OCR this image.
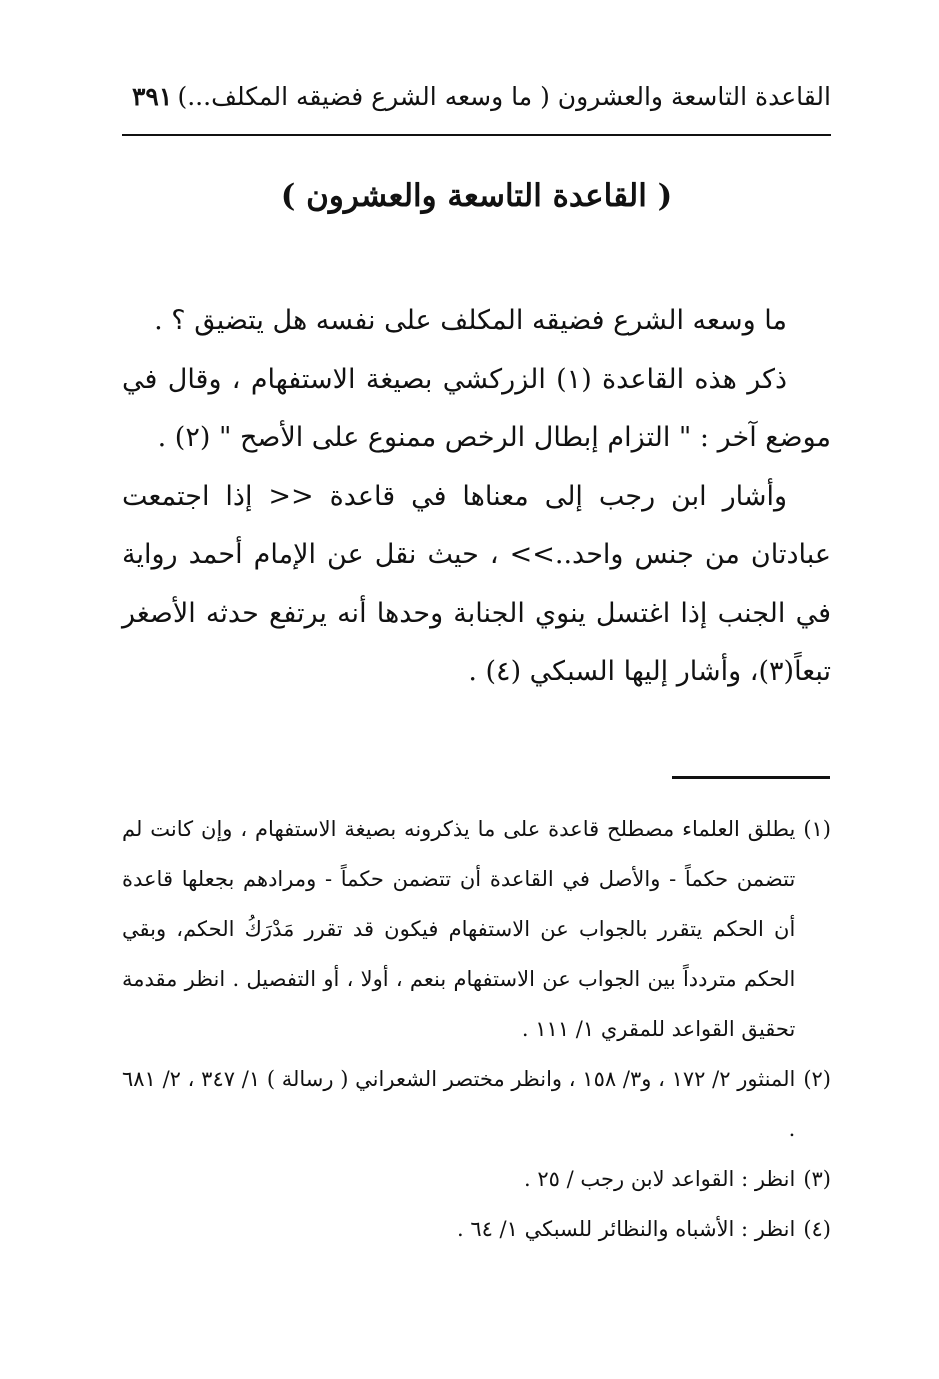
القاعدة التاسعة والعشرون ( ما وسعه الشرع فضيقه المكلف...)
٣٩١
( القاعدة التاسعة والعشرون )

ما وسعه الشرع فضيقه المكلف على نفسه هل يتضيق ؟ .

ذكر هذه القاعدة (١) الزركشي بصيغة الاستفهام ، وقال في موضع آخر : " التزام إبطال الرخص ممنوع على الأصح " (٢) .

وأشار ابن رجب إلى معناها في قاعدة << إذا اجتمعت عبادتان من جنس واحد..>> ، حيث نقل عن الإمام أحمد رواية في الجنب إذا اغتسل ينوي الجنابة وحدها أنه يرتفع حدثه الأصغر تبعاً(٣)، وأشار إليها السبكي (٤) .

(١)
يطلق العلماء مصطلح قاعدة على ما يذكرونه بصيغة الاستفهام ، وإن كانت لم تتضمن حكماً - والأصل في القاعدة أن تتضمن حكماً - ومرادهم بجعلها قاعدة أن الحكم يتقرر بالجواب عن الاستفهام فيكون قد تقرر مَدْرَكُ الحكم، وبقي الحكم متردداً بين الجواب عن الاستفهام بنعم ، أولا ، أو التفصيل . انظر مقدمة تحقيق القواعد للمقري ١/ ١١١ .
(٢)
المنثور ٢/ ١٧٢ ، و٣/ ١٥٨ ، وانظر مختصر الشعراني ( رسالة ) ١/ ٣٤٧ ، ٢/ ٦٨١ .
(٣)
انظر : القواعد لابن رجب / ٢٥ .
(٤)
انظر : الأشباه والنظائر للسبكي ١/ ٦٤ .
